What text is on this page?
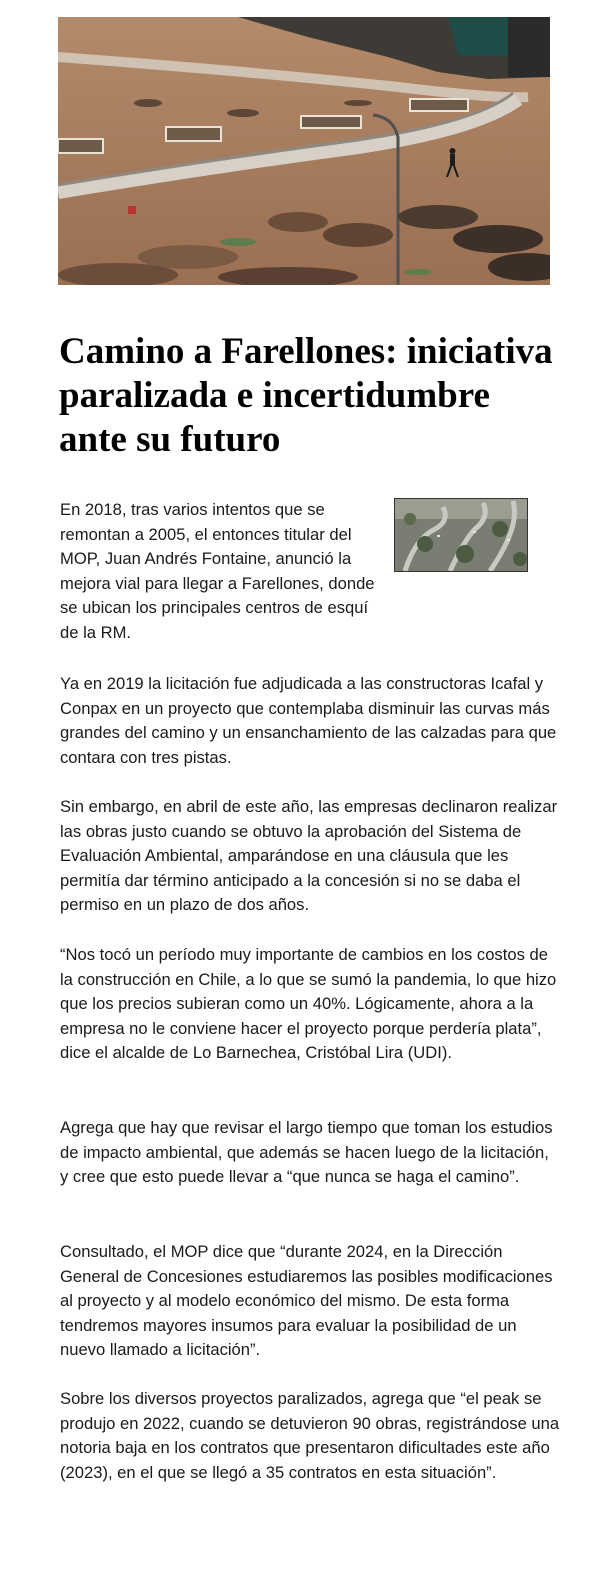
Camino a Farellones: iniciativa paralizada e incertidumbre ante su futuro

En 2018, tras varios intentos que se remontan a 2005, el entonces titular del MOP, Juan Andrés Fontaine, anunció la mejora vial para llegar a Farellones, donde se ubican los principales centros de esquí de la RM.

Ya en 2019 la licitación fue adjudicada a las constructoras Icafal y Conpax en un proyecto que contemplaba disminuir las curvas más grandes del camino y un ensanchamiento de las calzadas para que contara con tres pistas.

Sin embargo, en abril de este año, las empresas declinaron realizar las obras justo cuando se obtuvo la aprobación del Sistema de Evaluación Ambiental, amparándose en una cláusula que les permitía dar término anticipado a la concesión si no se daba el permiso en un plazo de dos años.

“Nos tocó un período muy importante de cambios en los costos de la construcción en Chile, a lo que se sumó la pandemia, lo que hizo que los precios subieran como un 40%. Lógicamente, ahora a la empresa no le conviene hacer el proyecto porque perdería plata”, dice el alcalde de Lo Barnechea, Cristóbal Lira (UDI).

Agrega que hay que revisar el largo tiempo que toman los estudios de impacto ambiental, que además se hacen luego de la licitación, y cree que esto puede llevar a “que nunca se haga el camino”.

Consultado, el MOP dice que “durante 2024, en la Dirección General de Concesiones estudiaremos las posibles modificaciones al proyecto y al modelo económico del mismo. De esta forma tendremos mayores insumos para evaluar la posibilidad de un nuevo llamado a licitación”.

Sobre los diversos proyectos paralizados, agrega que “el peak se produjo en 2022, cuando se detuvieron 90 obras, registrándose una notoria baja en los contratos que presentaron dificultades este año (2023), en el que se llegó a 35 contratos en esta situación”.
